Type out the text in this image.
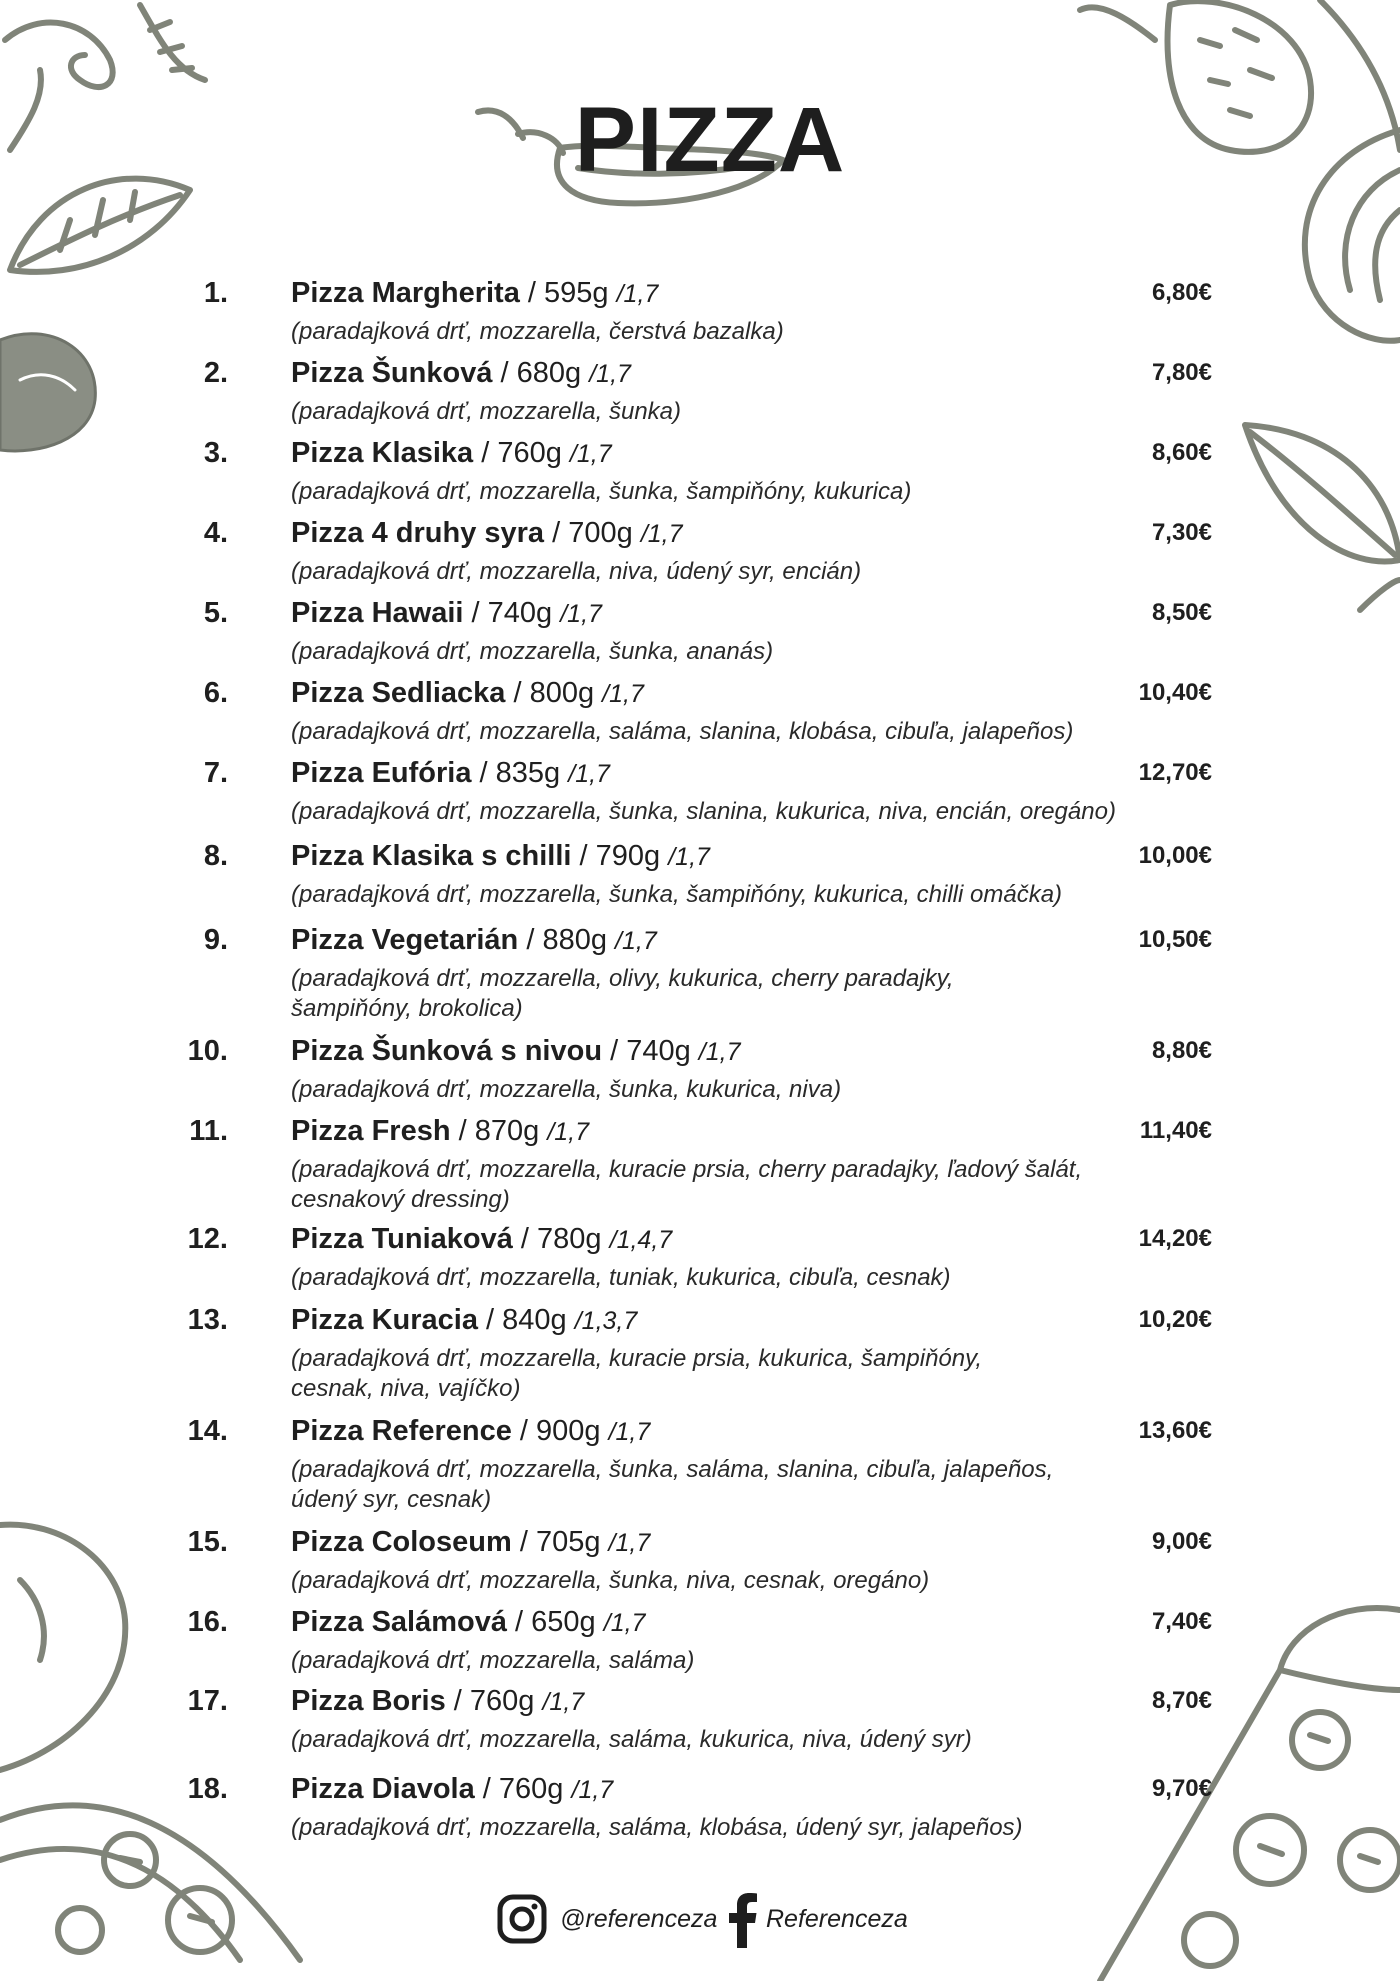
PIZZA
1. Pizza Margherita / 595g /1,7
(paradajková drť, mozzarella, čerstvá bazalka)
6,80€
2. Pizza Šunková / 680g /1,7
(paradajková drť, mozzarella, šunka)
7,80€
3. Pizza Klasika / 760g /1,7
(paradajková drť, mozzarella, šunka, šampiňóny, kukurica)
8,60€
4. Pizza 4 druhy syra / 700g /1,7
(paradajková drť, mozzarella, niva, údený syr, encián)
7,30€
5. Pizza Hawaii / 740g /1,7
(paradajková drť, mozzarella, šunka, ananás)
8,50€
6. Pizza Sedliacka / 800g /1,7
(paradajková drť, mozzarella, saláma, slanina, klobása, cibuľa, jalapeños)
10,40€
7. Pizza Eufória / 835g /1,7
(paradajková drť, mozzarella, šunka, slanina, kukurica, niva, encián, oregáno)
12,70€
8. Pizza Klasika s chilli / 790g /1,7
(paradajková drť, mozzarella, šunka, šampiňóny, kukurica, chilli omáčka)
10,00€
9. Pizza Vegetarián / 880g /1,7
(paradajková drť, mozzarella, olivy, kukurica, cherry paradajky, šampiňóny, brokolica)
10,50€
10. Pizza Šunková s nivou / 740g /1,7
(paradajková drť, mozzarella, šunka, kukurica, niva)
8,80€
11. Pizza Fresh / 870g /1,7
(paradajková drť, mozzarella, kuracie prsia, cherry paradajky, ľadový šalát, cesnakový dressing)
11,40€
12. Pizza Tuniaková / 780g /1,4,7
(paradajková drť, mozzarella, tuniak, kukurica, cibuľa, cesnak)
14,20€
13. Pizza Kuracia / 840g /1,3,7
(paradajková drť, mozzarella, kuracie prsia, kukurica, šampiňóny, cesnak, niva, vajíčko)
10,20€
14. Pizza Reference / 900g /1,7
(paradajková drť, mozzarella, šunka, saláma, slanina, cibuľa, jalapeños, údený syr, cesnak)
13,60€
15. Pizza Coloseum / 705g /1,7
(paradajková drť, mozzarella, šunka, niva, cesnak, oregáno)
9,00€
16. Pizza Salámová / 650g /1,7
(paradajková drť, mozzarella, saláma)
7,40€
17. Pizza Boris / 760g /1,7
(paradajková drť, mozzarella, saláma, kukurica, niva, údený syr)
8,70€
18. Pizza Diavola / 760g /1,7
(paradajková drť, mozzarella, saláma, klobása, údený syr, jalapeños)
9,70€
@referenceza Referenceza
